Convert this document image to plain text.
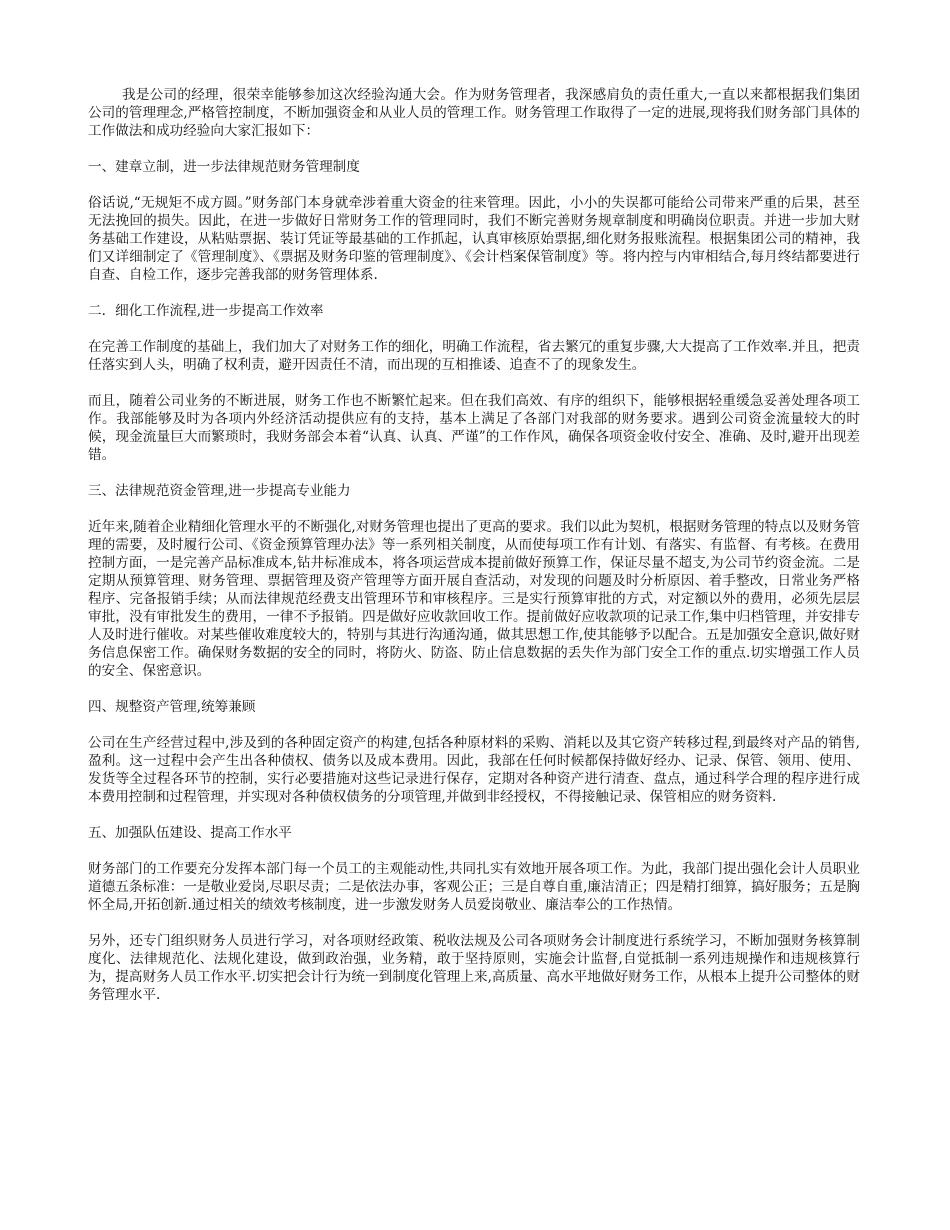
我是公司的经理，很荣幸能够参加这次经验沟通大会。作为财务管理者，我深感肩负的责任重大,一直以来都根据我们集团公司的管理理念,严格管控制度，不断加强资金和从业人员的管理工作。财务管理工作取得了一定的进展,现将我们财务部门具体的工作做法和成功经验向大家汇报如下：

一、建章立制，进一步法律规范财务管理制度

俗话说,“无规矩不成方圆。”财务部门本身就牵涉着重大资金的往来管理。因此，小小的失误都可能给公司带来严重的后果，甚至无法挽回的损失。因此，在进一步做好日常财务工作的管理同时，我们不断完善财务规章制度和明确岗位职责。并进一步加大财务基础工作建设，从粘贴票据、装订凭证等最基础的工作抓起，认真审核原始票据,细化财务报账流程。根据集团公司的精神，我们又详细制定了《管理制度》、《票据及财务印鉴的管理制度》、《会计档案保管制度》等。将内控与内审相结合,每月终结都要进行自查、自检工作，逐步完善我部的财务管理体系.

二．细化工作流程,进一步提高工作效率

在完善工作制度的基础上，我们加大了对财务工作的细化，明确工作流程，省去繁冗的重复步骤,大大提高了工作效率.并且，把责任落实到人头，明确了权利责，避开因责任不清，而出现的互相推诿、追查不了的现象发生。

而且，随着公司业务的不断进展，财务工作也不断繁忙起来。但在我们高效、有序的组织下，能够根据轻重缓急妥善处理各项工作。我部能够及时为各项内外经济活动提供应有的支持，基本上满足了各部门对我部的财务要求。遇到公司资金流量较大的时候，现金流量巨大而繁琐时，我财务部会本着“认真、认真、严谨”的工作作风，确保各项资金收付安全、准确、及时,避开出现差错。

三、法律规范资金管理,进一步提高专业能力

近年来,随着企业精细化管理水平的不断强化,对财务管理也提出了更高的要求。我们以此为契机，根据财务管理的特点以及财务管理的需要，及时履行公司、《资金预算管理办法》等一系列相关制度，从而使每项工作有计划、有落实、有监督、有考核。在费用控制方面，一是完善产品标准成本,钻井标准成本，将各项运营成本提前做好预算工作，保证尽量不超支,为公司节约资金流。二是定期从预算管理、财务管理、票据管理及资产管理等方面开展自查活动，对发现的问题及时分析原因、着手整改，日常业务严格程序、完备报销手续；从而法律规范经费支出管理环节和审核程序。三是实行预算审批的方式，对定额以外的费用，必须先层层审批，没有审批发生的费用，一律不予报销。四是做好应收款回收工作。提前做好应收款项的记录工作,集中归档管理，并安排专人及时进行催收。对某些催收难度较大的，特别与其进行沟通沟通，做其思想工作,使其能够予以配合。五是加强安全意识,做好财务信息保密工作。确保财务数据的安全的同时，将防火、防盗、防止信息数据的丢失作为部门安全工作的重点.切实增强工作人员的安全、保密意识。

四、规整资产管理,统筹兼顾

公司在生产经营过程中,涉及到的各种固定资产的构建,包括各种原材料的采购、消耗以及其它资产转移过程,到最终对产品的销售,盈利。这一过程中会产生出各种债权、债务以及成本费用。因此，我部在任何时候都保持做好经办、记录、保管、领用、使用、发货等全过程各环节的控制，实行必要措施对这些记录进行保存，定期对各种资产进行清查、盘点，通过科学合理的程序进行成本费用控制和过程管理，并实现对各种债权债务的分项管理,并做到非经授权，不得接触记录、保管相应的财务资料.

五、加强队伍建设、提高工作水平

财务部门的工作要充分发挥本部门每一个员工的主观能动性,共同扎实有效地开展各项工作。为此，我部门提出强化会计人员职业道德五条标准：一是敬业爱岗,尽职尽责；二是依法办事，客观公正；三是自尊自重,廉洁清正；四是精打细算，搞好服务；五是胸怀全局,开拓创新.通过相关的绩效考核制度，进一步激发财务人员爱岗敬业、廉洁奉公的工作热情。

另外，还专门组织财务人员进行学习，对各项财经政策、税收法规及公司各项财务会计制度进行系统学习，不断加强财务核算制度化、法律规范化、法规化建设，做到政治强，业务精，敢于坚持原则，实施会计监督,自觉抵制一系列违规操作和违规核算行为，提高财务人员工作水平.切实把会计行为统一到制度化管理上来,高质量、高水平地做好财务工作，从根本上提升公司整体的财务管理水平.
